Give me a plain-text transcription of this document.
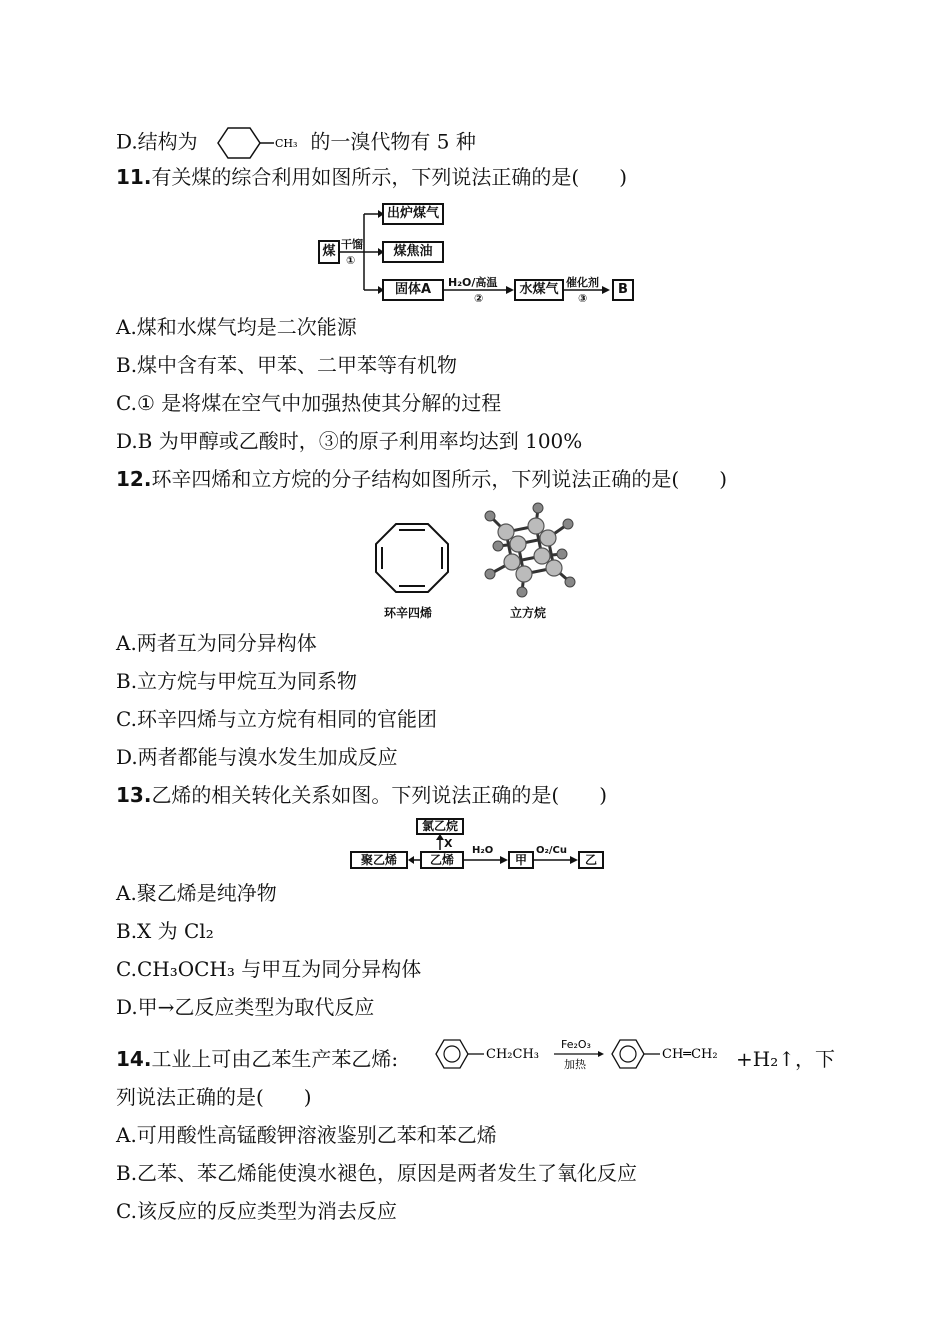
D.结构为	CH₃ 的一溴代物有 5 种
11.有关煤的综合利用如图所示，下列说法正确的是(　　)
煤 干馏
①
出炉煤气
煤焦油
固体A	H₂O/高温
②
水煤气 催化剂
③
B
A.煤和水煤气均是二次能源
B.煤中含有苯、甲苯、二甲苯等有机物
C.① 是将煤在空气中加强热使其分解的过程
D.B 为甲醇或乙酸时，③的原子利用率均达到 100%
12.环辛四烯和立方烷的分子结构如图所示，下列说法正确的是(　　)
环辛四烯	立方烷
A.两者互为同分异构体
B.立方烷与甲烷互为同系物
C.环辛四烯与立方烷有相同的官能团
D.两者都能与溴水发生加成反应
13.乙烯的相关转化关系如图。下列说法正确的是(　　)
氯乙烷
X
聚乙烯	乙烯
H₂O
甲
O₂/Cu
乙
A.聚乙烯是纯净物
B.X 为 Cl₂
C.CH₃OCH₃ 与甲互为同分异构体
D.甲→乙反应类型为取代反应
14.工业上可由乙苯生产苯乙烯:	CH₂CH₃
Fe₂O₃
加热
CH═CH₂ +H₂↑，下
列说法正确的是(　　)
A.可用酸性高锰酸钾溶液鉴别乙苯和苯乙烯
B.乙苯、苯乙烯能使溴水褪色，原因是两者发生了氧化反应
C.该反应的反应类型为消去反应
